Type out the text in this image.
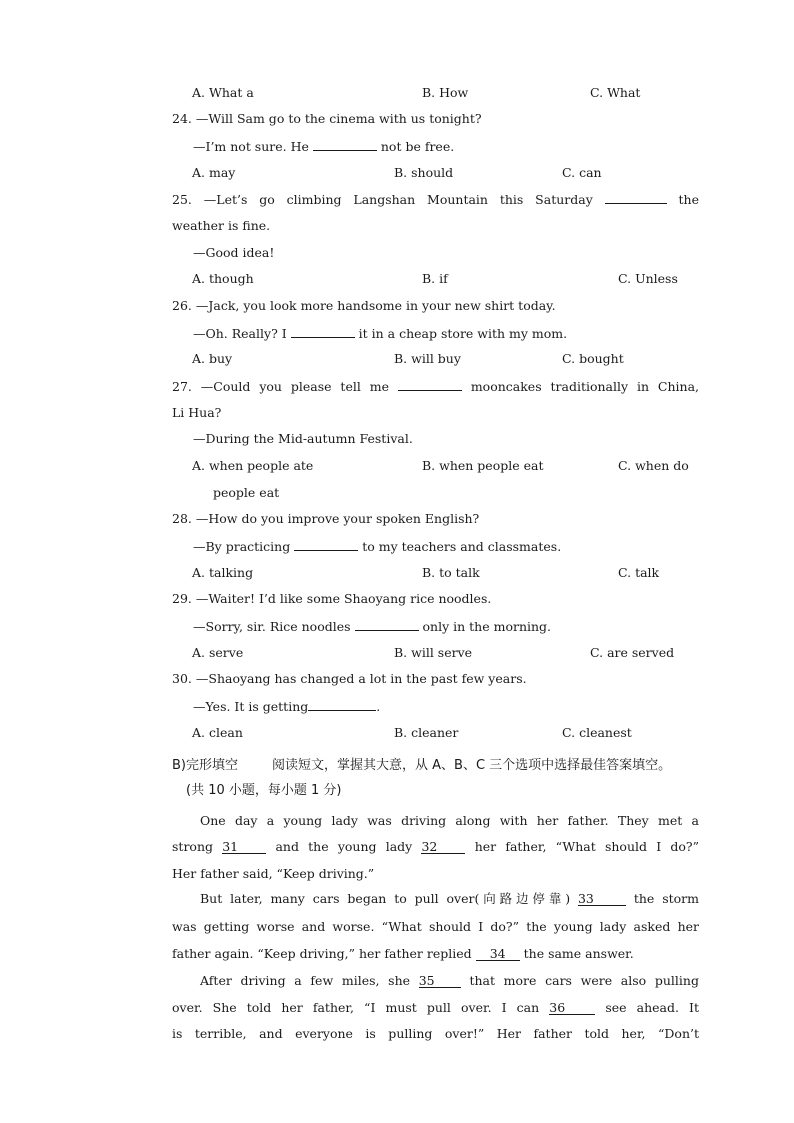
A. What a	B. How	C. What
24. —Will Sam go to the cinema with us tonight?
—I’m not sure. He	not be free.
A. may	B. should	C. can
25. —Let’s go climbing Langshan Mountain this Saturday	the
weather is fine.
—Good idea!
A. though	B. if	C. Unless
26. —Jack, you look more handsome in your new shirt today.
—Oh. Really? I	it in a cheap store with my mom.
A. buy	B. will buy	C. bought
27. —Could you please tell me	mooncakes traditionally in China,
Li Hua?
—During the Mid-autumn Festival.
A. when people ate	B. when people eat	C. when do
people eat
28. —How do you improve your spoken English?
—By practicing	to my teachers and classmates.
A. talking	B. to talk	C. talk
29. —Waiter! I’d like some Shaoyang rice noodles.
—Sorry, sir. Rice noodles	only in the morning.
A. serve	B. will serve	C. are served
30. —Shaoyang has changed a lot in the past few years.
—Yes. It is getting	.
A. clean	B. cleaner	C. cleanest
B)完形填空	阅读短文，掌握其大意，从 A、B、C 三个选项中选择最佳答案填空。
(共 10 小题，每小题 1 分)
One day a young lady was driving along with her father. They met a
strong 31	and the young lady 32	her father, “What should I do?”
Her father said, “Keep driving.”
But later, many cars began to pull over(向路边停靠) 33	the storm
was getting worse and worse. “What should I do?” the young lady asked her
father again. “Keep driving,” her father replied 34 the same answer.
After driving a few miles, she 35	that more cars were also pulling
over. She told her father, “I must pull over. I can 36	see ahead. It
is terrible, and everyone is pulling over!” Her father told her, “Don’t
